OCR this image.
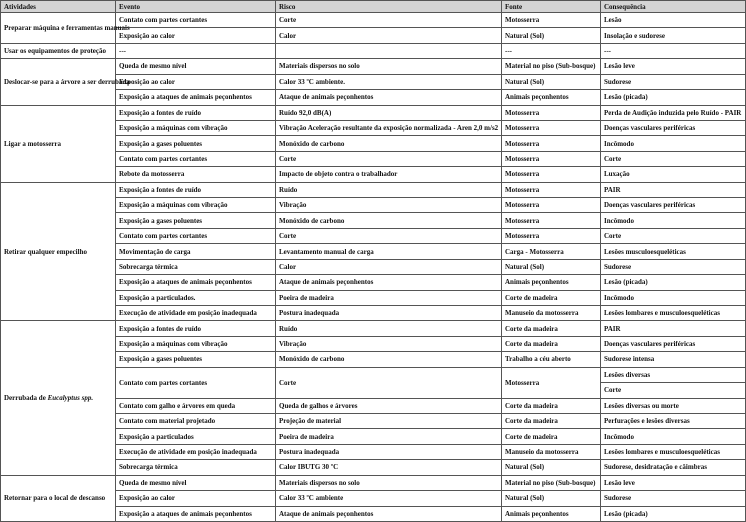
Atividades	Evento	Risco	Fonte	Consequência
Preparar máquina e ferramentas manuais	Contato com partes cortantes	Corte	Motosserra	Lesão
	Exposição ao calor	Calor	Natural (Sol)	Insolação e sudorese
Usar os equipamentos de proteção	---		---	---
Deslocar-se para a árvore a ser derrubada	Queda de mesmo nível	Materiais dispersos no solo	Material no piso (Sub-bosque)	Lesão leve
	Exposição ao calor	Calor 33 ºC ambiente.	Natural (Sol)	Sudorese
	Exposição a ataques de animais peçonhentos	Ataque de animais peçonhentos	Animais peçonhentos	Lesão (picada)
Ligar a motosserra	Exposição a fontes de ruído	Ruído 92,0 dB(A)	Motosserra	Perda de Audição induzida pelo Ruído - PAIR
	Exposição a máquinas com vibração	Vibração Aceleração resultante da exposição normalizada - Aren 2,0 m/s2	Motosserra	Doenças vasculares periféricas
	Exposição a gases poluentes	Monóxido de carbono	Motosserra	Incômodo
	Contato com partes cortantes	Corte	Motosserra	Corte
	Rebote da motosserra	Impacto de objeto contra o trabalhador	Motosserra	Luxação
Retirar qualquer empecilho	Exposição a fontes de ruído	Ruído	Motosserra	PAIR
	Exposição a máquinas com vibração	Vibração	Motosserra	Doenças vasculares periféricas
	Exposição a gases poluentes	Monóxido de carbono	Motosserra	Incômodo
	Contato com partes cortantes	Corte	Motosserra	Corte
	Movimentação de carga	Levantamento manual de carga	Carga - Motosserra	Lesões musculoesqueléticas
	Sobrecarga térmica	Calor	Natural (Sol)	Sudorese
	Exposição a ataques de animais peçonhentos	Ataque de animais peçonhentos	Animais peçonhentos	Lesão (picada)
	Exposição a particulados.	Poeira de madeira	Corte de madeira	Incômodo
	Execução de atividade em posição inadequada	Postura inadequada	Manuseio da motosserra	Lesões lombares e musculoesqueléticas
Derrubada de Eucalyptus spp.	Exposição a fontes de ruído	Ruído	Corte da madeira	PAIR
	Exposição a máquinas com vibração	Vibração	Corte da madeira	Doenças vasculares periféricas
	Exposição a gases poluentes	Monóxido de carbono	Trabalho a céu aberto	Sudorese intensa
	Contato com partes cortantes	Corte	Motosserra	Lesões diversas
				Corte
	Contato com galho e árvores em queda	Queda de galhos e árvores	Corte da madeira	Lesões diversas ou morte
	Contato com material projetado	Projeção de material	Corte da madeira	Perfurações e lesões diversas
	Exposição a particulados	Poeira de madeira	Corte de madeira	Incômodo
	Execução de atividade em posição inadequada	Postura inadequada	Manuseio da motosserra	Lesões lombares e musculoesqueléticas
	Sobrecarga térmica	Calor IBUTG 30 ºC	Natural (Sol)	Sudorese, desidratação e câimbras
Retornar para o local de descanso	Queda de mesmo nível	Materiais dispersos no solo	Material no piso (Sub-bosque)	Lesão leve
	Exposição ao calor	Calor 33 ºC ambiente	Natural (Sol)	Sudorese
	Exposição a ataques de animais peçonhentos	Ataque de animais peçonhentos	Animais peçonhentos	Lesão (picada)
